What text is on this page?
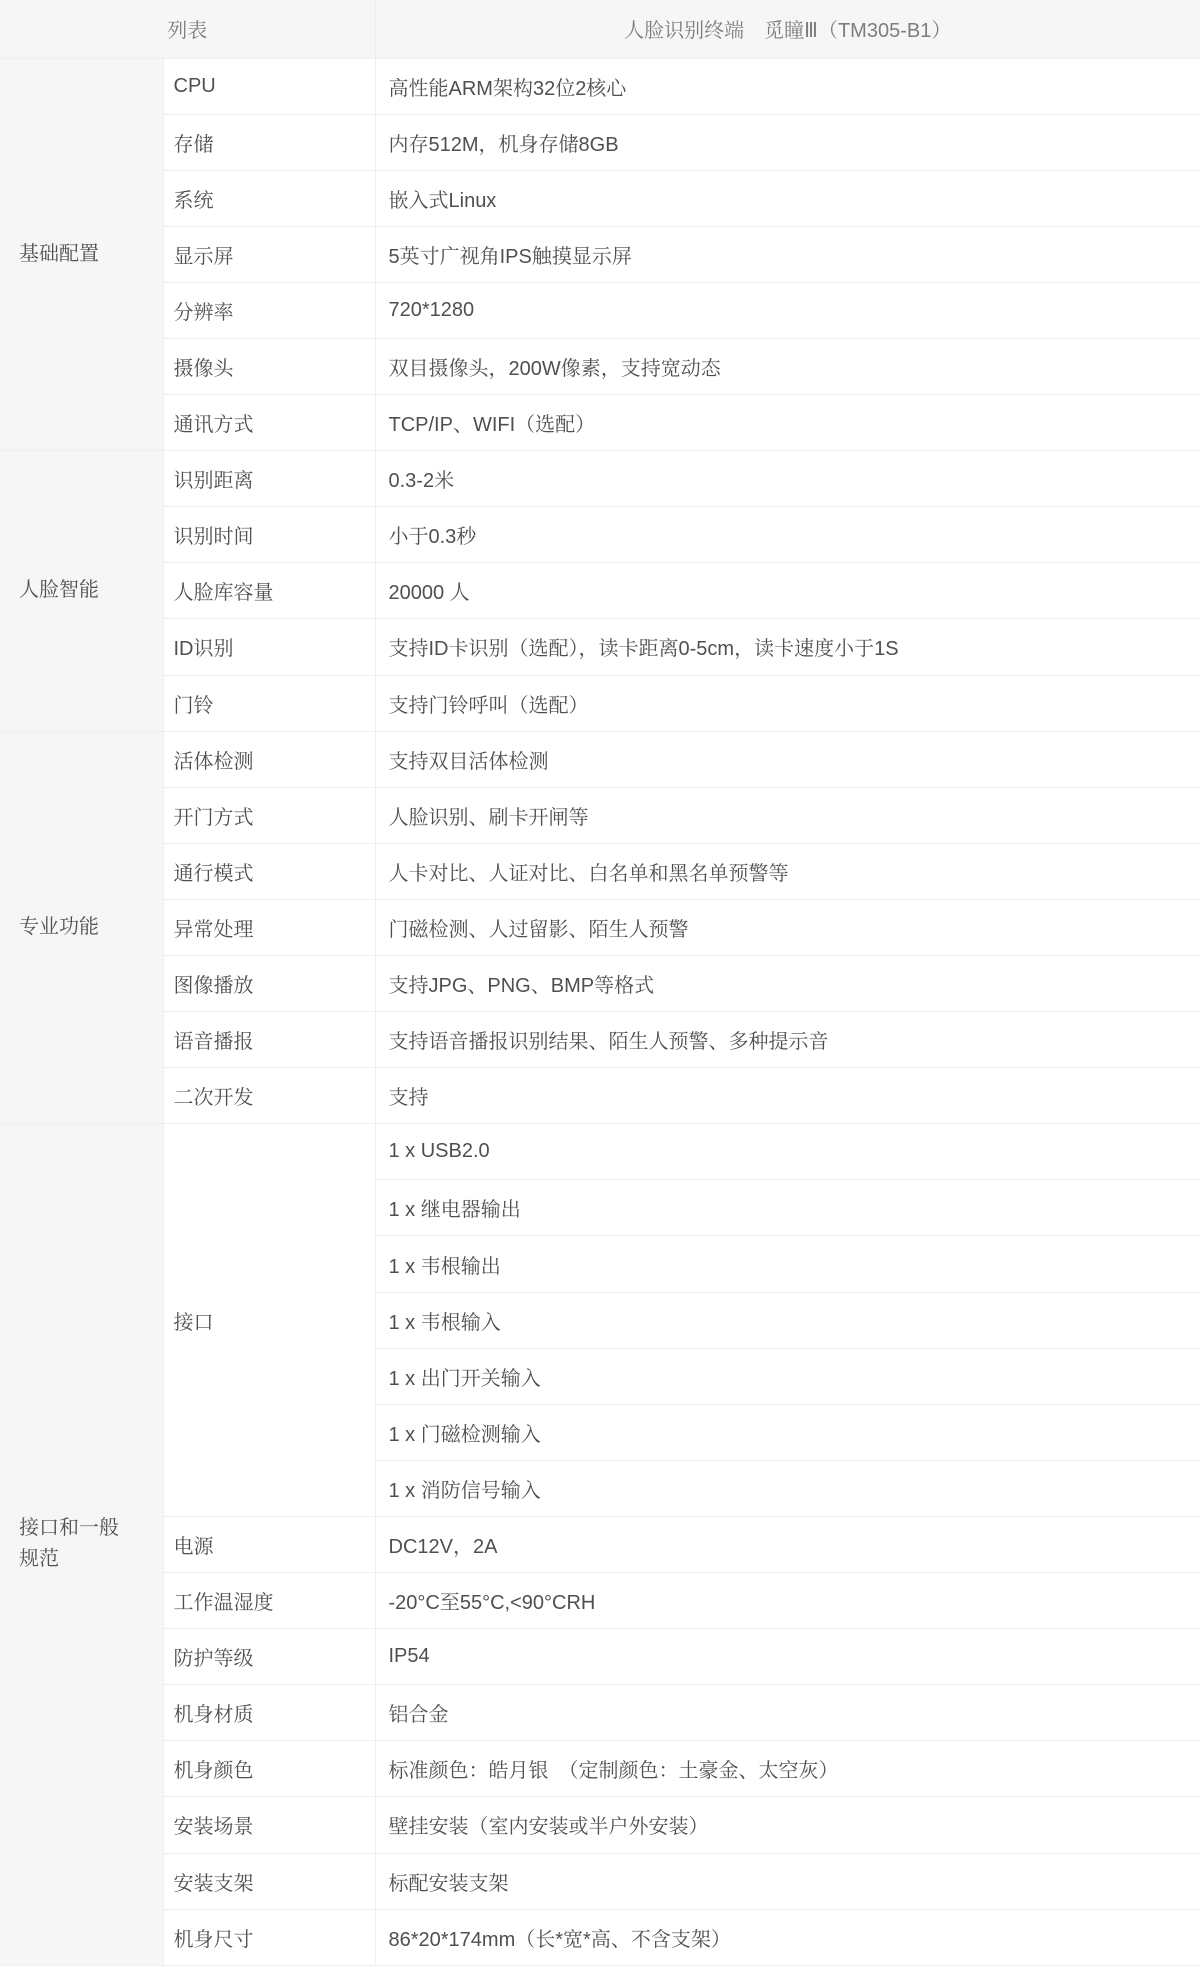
列表		人脸识别终端　觅瞳Ⅲ（TM305-B1）

基础配置	CPU	高性能ARM架构32位2核心
	存储	内存512M，机身存储8GB
	系统	嵌入式Linux
	显示屏	5英寸广视角IPS触摸显示屏
	分辨率	720*1280
	摄像头	双目摄像头，200W像素，支持宽动态
	通讯方式	TCP/IP、WIFI（选配）

人脸智能	识别距离	0.3-2米
	识别时间	小于0.3秒
	人脸库容量	20000 人
	ID识别	支持ID卡识别（选配），读卡距离0-5cm，读卡速度小于1S
	门铃	支持门铃呼叫（选配）

专业功能	活体检测	支持双目活体检测
	开门方式	人脸识别、刷卡开闸等
	通行模式	人卡对比、人证对比、白名单和黑名单预警等
	异常处理	门磁检测、人过留影、陌生人预警
	图像播放	支持JPG、PNG、BMP等格式
	语音播报	支持语音播报识别结果、陌生人预警、多种提示音
	二次开发	支持

接口和一般规范	接口	1 x USB2.0
		1 x 继电器输出
		1 x 韦根输出
		1 x 韦根输入
		1 x 出门开关输入
		1 x 门磁检测输入
		1 x 消防信号输入
	电源	DC12V，2A
	工作温湿度	-20°C至55°C,<90°CRH
	防护等级	IP54
	机身材质	铝合金
	机身颜色	标准颜色：皓月银　（定制颜色：土豪金、太空灰）
	安装场景	壁挂安装（室内安装或半户外安装）
	安装支架	标配安装支架
	机身尺寸	86*20*174mm（长*宽*高、不含支架）
